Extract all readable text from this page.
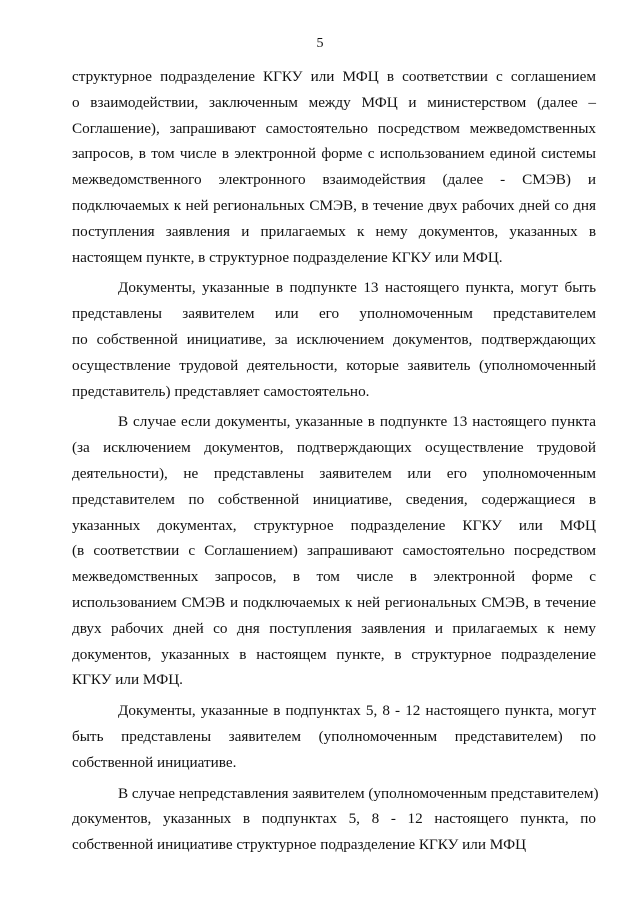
5

структурное подразделение КГКУ или МФЦ в соответствии с соглашением
о взаимодействии, заключенным между МФЦ и министерством (далее –
Соглашение), запрашивают самостоятельно посредством межведомственных
запросов, в том числе в электронной форме с использованием единой системы
межведомственного электронного взаимодействия (далее - СМЭВ) и
подключаемых к ней региональных СМЭВ, в течение двух рабочих дней со дня
поступления заявления и прилагаемых к нему документов, указанных в
настоящем пункте, в структурное подразделение КГКУ или МФЦ.

Документы, указанные в подпункте 13 настоящего пункта, могут быть
представлены заявителем или его уполномоченным представителем
по собственной инициативе, за исключением документов, подтверждающих
осуществление трудовой деятельности, которые заявитель (уполномоченный
представитель) представляет самостоятельно.

В случае если документы, указанные в подпункте 13 настоящего пункта
(за исключением документов, подтверждающих осуществление трудовой
деятельности), не представлены заявителем или его уполномоченным
представителем по собственной инициативе, сведения, содержащиеся в
указанных документах, структурное подразделение КГКУ или МФЦ
(в соответствии с Соглашением) запрашивают самостоятельно посредством
межведомственных запросов, в том числе в электронной форме с
использованием СМЭВ и подключаемых к ней региональных СМЭВ, в течение
двух рабочих дней со дня поступления заявления и прилагаемых к нему
документов, указанных в настоящем пункте, в структурное подразделение
КГКУ или МФЦ.

Документы, указанные в подпунктах 5, 8 - 12 настоящего пункта, могут
быть представлены заявителем (уполномоченным представителем) по
собственной инициативе.

В случае непредставления заявителем (уполномоченным представителем)
документов, указанных в подпунктах 5, 8 - 12 настоящего пункта, по
собственной инициативе структурное подразделение КГКУ или МФЦ
